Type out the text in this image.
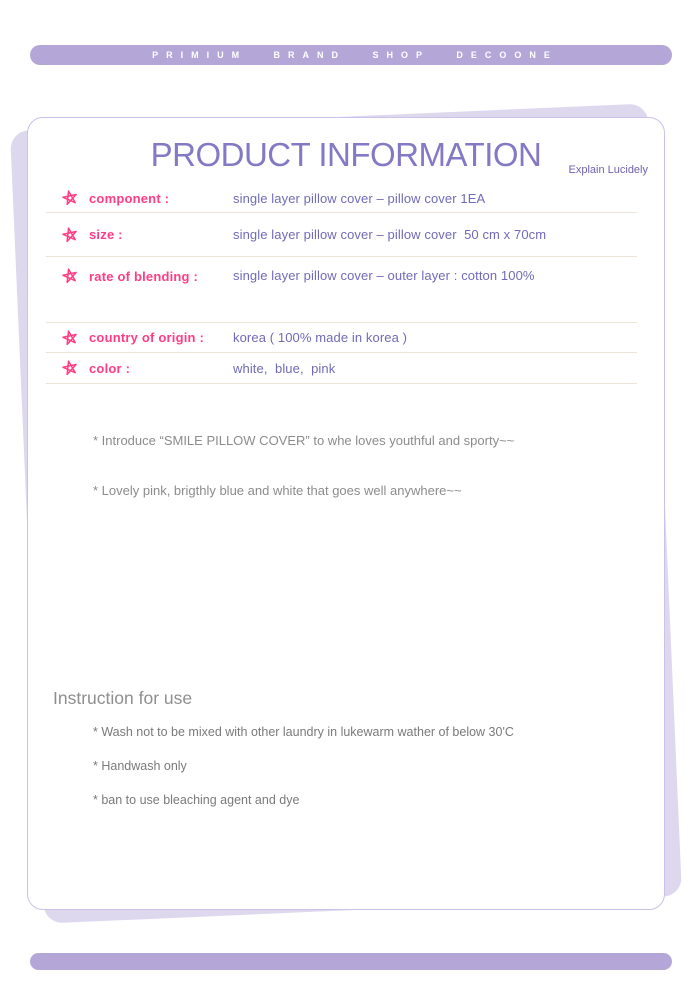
PRIMIUM BRAND SHOP DECOONE
PRODUCT INFORMATION	Explain Lucidely
component :	single layer pillow cover – pillow cover 1EA
size :	single layer pillow cover – pillow cover  50 cm x 70cm
rate of blending :	single layer pillow cover – outer layer : cotton 100%
country of origin : korea ( 100% made in korea )
color :	white,  blue,  pink
* Introduce “SMILE PILLOW COVER” to whe loves youthful and sporty~~
* Lovely pink, brigthly blue and white that goes well anywhere~~
Instruction for use
* Wash not to be mixed with other laundry in lukewarm wather of below 30'C
* Handwash only
* ban to use bleaching agent and dye
